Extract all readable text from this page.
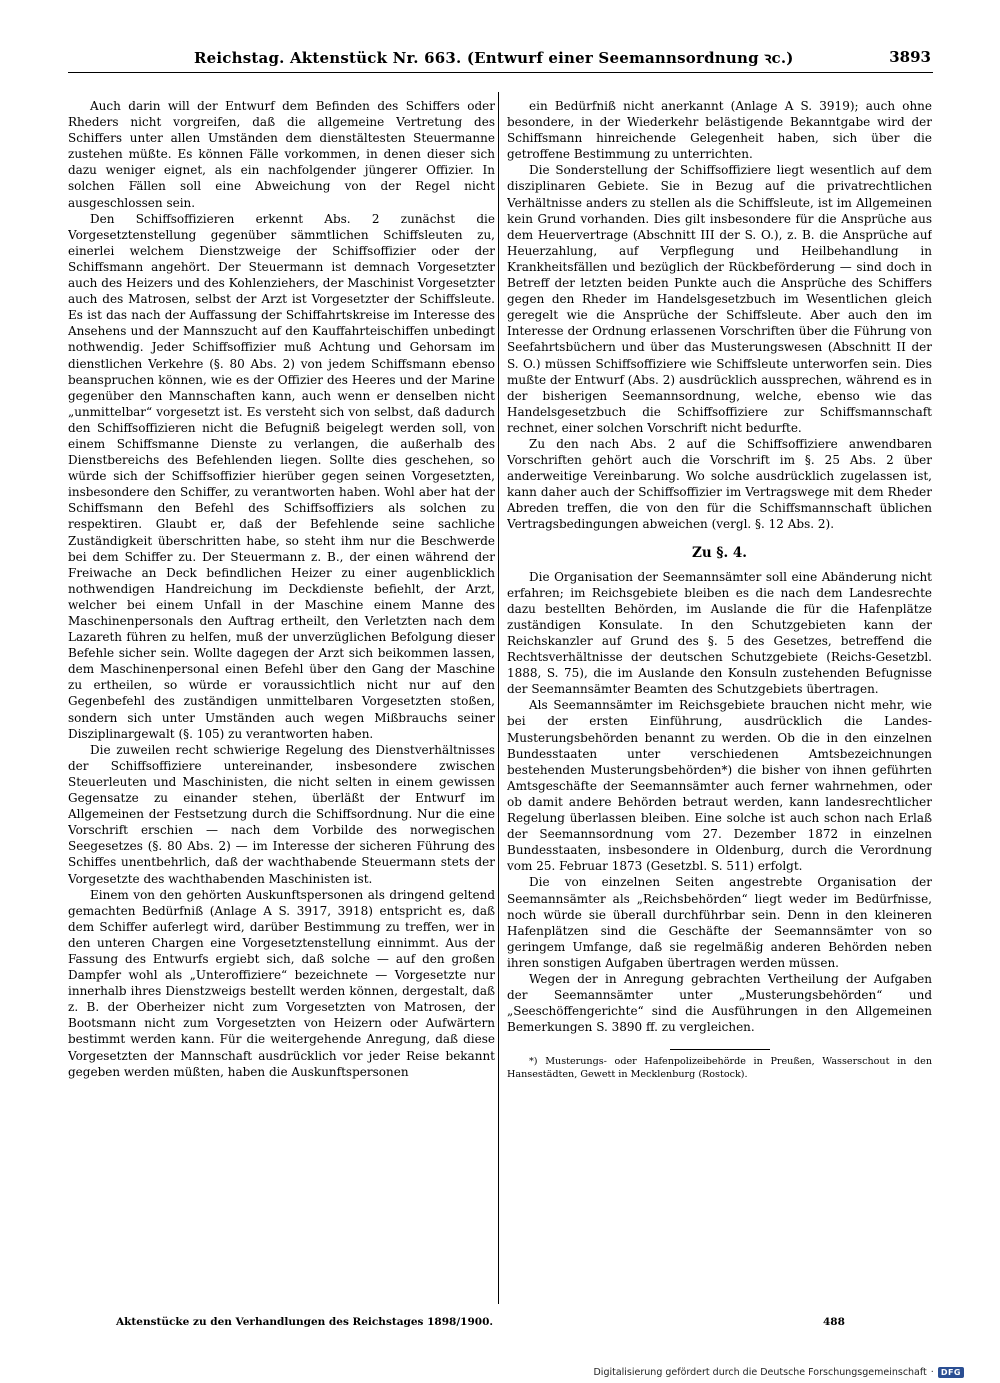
Reichstag. Aktenstück Nr. 663. (Entwurf einer Seemannsordnung ꝛc.)	3893

Auch darin will der Entwurf dem Befinden des Schiffers oder Rheders nicht vorgreifen, daß die allgemeine Vertretung des Schiffers unter allen Umständen dem dienstältesten Steuermanne zustehen müßte. Es können Fälle vorkommen, in denen dieser sich dazu weniger eignet, als ein nachfolgender jüngerer Offizier. In solchen Fällen soll eine Abweichung von der Regel nicht ausgeschlossen sein.

Den Schiffsoffizieren erkennt Abs. 2 zunächst die Vorgesetztenstellung gegenüber sämmtlichen Schiffsleuten zu, einerlei welchem Dienstzweige der Schiffsoffizier oder der Schiffsmann angehört. Der Steuermann ist demnach Vorgesetzter auch des Heizers und des Kohlenziehers, der Maschinist Vorgesetzter auch des Matrosen, selbst der Arzt ist Vorgesetzter der Schiffsleute. Es ist das nach der Auffassung der Schiffahrtskreise im Interesse des Ansehens und der Mannszucht auf den Kauffahrteischiffen unbedingt nothwendig. Jeder Schiffsoffizier muß Achtung und Gehorsam im dienstlichen Verkehre (§. 80 Abs. 2) von jedem Schiffsmann ebenso beanspruchen können, wie es der Offizier des Heeres und der Marine gegenüber den Mannschaften kann, auch wenn er denselben nicht „unmittelbar“ vorgesetzt ist. Es versteht sich von selbst, daß dadurch den Schiffsoffizieren nicht die Befugniß beigelegt werden soll, von einem Schiffsmanne Dienste zu verlangen, die außerhalb des Dienstbereichs des Befehlenden liegen. Sollte dies geschehen, so würde sich der Schiffsoffizier hierüber gegen seinen Vorgesetzten, insbesondere den Schiffer, zu verantworten haben. Wohl aber hat der Schiffsmann den Befehl des Schiffsoffiziers als solchen zu respektiren. Glaubt er, daß der Befehlende seine sachliche Zuständigkeit überschritten habe, so steht ihm nur die Beschwerde bei dem Schiffer zu. Der Steuermann z. B., der einen während der Freiwache an Deck befindlichen Heizer zu einer augenblicklich nothwendigen Handreichung im Deckdienste befiehlt, der Arzt, welcher bei einem Unfall in der Maschine einem Manne des Maschinenpersonals den Auftrag ertheilt, den Verletzten nach dem Lazareth führen zu helfen, muß der unverzüglichen Befolgung dieser Befehle sicher sein. Wollte dagegen der Arzt sich beikommen lassen, dem Maschinenpersonal einen Befehl über den Gang der Maschine zu ertheilen, so würde er voraussichtlich nicht nur auf den Gegenbefehl des zuständigen unmittelbaren Vorgesetzten stoßen, sondern sich unter Umständen auch wegen Mißbrauchs seiner Disziplinargewalt (§. 105) zu verantworten haben.

Die zuweilen recht schwierige Regelung des Dienstverhältnisses der Schiffsoffiziere untereinander, insbesondere zwischen Steuerleuten und Maschinisten, die nicht selten in einem gewissen Gegensatze zu einander stehen, überläßt der Entwurf im Allgemeinen der Festsetzung durch die Schiffsordnung. Nur die eine Vorschrift erschien — nach dem Vorbilde des norwegischen Seegesetzes (§. 80 Abs. 2) — im Interesse der sicheren Führung des Schiffes unentbehrlich, daß der wachthabende Steuermann stets der Vorgesetzte des wachthabenden Maschinisten ist.

Einem von den gehörten Auskunftspersonen als dringend geltend gemachten Bedürfniß (Anlage A S. 3917, 3918) entspricht es, daß dem Schiffer auferlegt wird, darüber Bestimmung zu treffen, wer in den unteren Chargen eine Vorgesetztenstellung einnimmt. Aus der Fassung des Entwurfs ergiebt sich, daß solche — auf den großen Dampfer wohl als „Unteroffiziere“ bezeichnete — Vorgesetzte nur innerhalb ihres Dienstzweigs bestellt werden können, dergestalt, daß z. B. der Oberheizer nicht zum Vorgesetzten von Matrosen, der Bootsmann nicht zum Vorgesetzten von Heizern oder Aufwärtern bestimmt werden kann. Für die weitergehende Anregung, daß diese Vorgesetzten der Mannschaft ausdrücklich vor jeder Reise bekannt gegeben werden müßten, haben die Auskunftspersonen

ein Bedürfniß nicht anerkannt (Anlage A S. 3919); auch ohne besondere, in der Wiederkehr belästigende Bekanntgabe wird der Schiffsmann hinreichende Gelegenheit haben, sich über die getroffene Bestimmung zu unterrichten.

Die Sonderstellung der Schiffsoffiziere liegt wesentlich auf dem disziplinaren Gebiete. Sie in Bezug auf die privatrechtlichen Verhältnisse anders zu stellen als die Schiffsleute, ist im Allgemeinen kein Grund vorhanden. Dies gilt insbesondere für die Ansprüche aus dem Heuervertrage (Abschnitt III der S. O.), z. B. die Ansprüche auf Heuerzahlung, auf Verpflegung und Heilbehandlung in Krankheitsfällen und bezüglich der Rückbeförderung — sind doch in Betreff der letzten beiden Punkte auch die Ansprüche des Schiffers gegen den Rheder im Handelsgesetzbuch im Wesentlichen gleich geregelt wie die Ansprüche der Schiffsleute. Aber auch den im Interesse der Ordnung erlassenen Vorschriften über die Führung von Seefahrtsbüchern und über das Musterungswesen (Abschnitt II der S. O.) müssen Schiffsoffiziere wie Schiffsleute unterworfen sein. Dies mußte der Entwurf (Abs. 2) ausdrücklich aussprechen, während es in der bisherigen Seemannsordnung, welche, ebenso wie das Handelsgesetzbuch die Schiffsoffiziere zur Schiffsmannschaft rechnet, einer solchen Vorschrift nicht bedurfte.

Zu den nach Abs. 2 auf die Schiffsoffiziere anwendbaren Vorschriften gehört auch die Vorschrift im §. 25 Abs. 2 über anderweitige Vereinbarung. Wo solche ausdrücklich zugelassen ist, kann daher auch der Schiffsoffizier im Vertragswege mit dem Rheder Abreden treffen, die von den für die Schiffsmannschaft üblichen Vertragsbedingungen abweichen (vergl. §. 12 Abs. 2).

Zu §. 4.

Die Organisation der Seemannsämter soll eine Abänderung nicht erfahren; im Reichsgebiete bleiben es die nach dem Landesrechte dazu bestellten Behörden, im Auslande die für die Hafenplätze zuständigen Konsulate. In den Schutzgebieten kann der Reichskanzler auf Grund des §. 5 des Gesetzes, betreffend die Rechtsverhältnisse der deutschen Schutzgebiete (Reichs-Gesetzbl. 1888, S. 75), die im Auslande den Konsuln zustehenden Befugnisse der Seemannsämter Beamten des Schutzgebiets übertragen.

Als Seemannsämter im Reichsgebiete brauchen nicht mehr, wie bei der ersten Einführung, ausdrücklich die Landes-Musterungsbehörden benannt zu werden. Ob die in den einzelnen Bundesstaaten unter verschiedenen Amtsbezeichnungen bestehenden Musterungsbehörden*) die bisher von ihnen geführten Amtsgeschäfte der Seemannsämter auch ferner wahrnehmen, oder ob damit andere Behörden betraut werden, kann landesrechtlicher Regelung überlassen bleiben. Eine solche ist auch schon nach Erlaß der Seemannsordnung vom 27. Dezember 1872 in einzelnen Bundesstaaten, insbesondere in Oldenburg, durch die Verordnung vom 25. Februar 1873 (Gesetzbl. S. 511) erfolgt.

Die von einzelnen Seiten angestrebte Organisation der Seemannsämter als „Reichsbehörden“ liegt weder im Bedürfnisse, noch würde sie überall durchführbar sein. Denn in den kleineren Hafenplätzen sind die Geschäfte der Seemannsämter von so geringem Umfange, daß sie regelmäßig anderen Behörden neben ihren sonstigen Aufgaben übertragen werden müssen.

Wegen der in Anregung gebrachten Vertheilung der Aufgaben der Seemannsämter unter „Musterungsbehörden“ und „Seeschöffengerichte“ sind die Ausführungen in den Allgemeinen Bemerkungen S. 3890 ff. zu vergleichen.

*) Musterungs- oder Hafenpolizeibehörde in Preußen, Wasserschout in den Hansestädten, Gewett in Mecklenburg (Rostock).

Aktenstücke zu den Verhandlungen des Reichstages 1898/1900.	488
Digitalisierung gefördert durch die Deutsche Forschungsgemeinschaft · DFG
